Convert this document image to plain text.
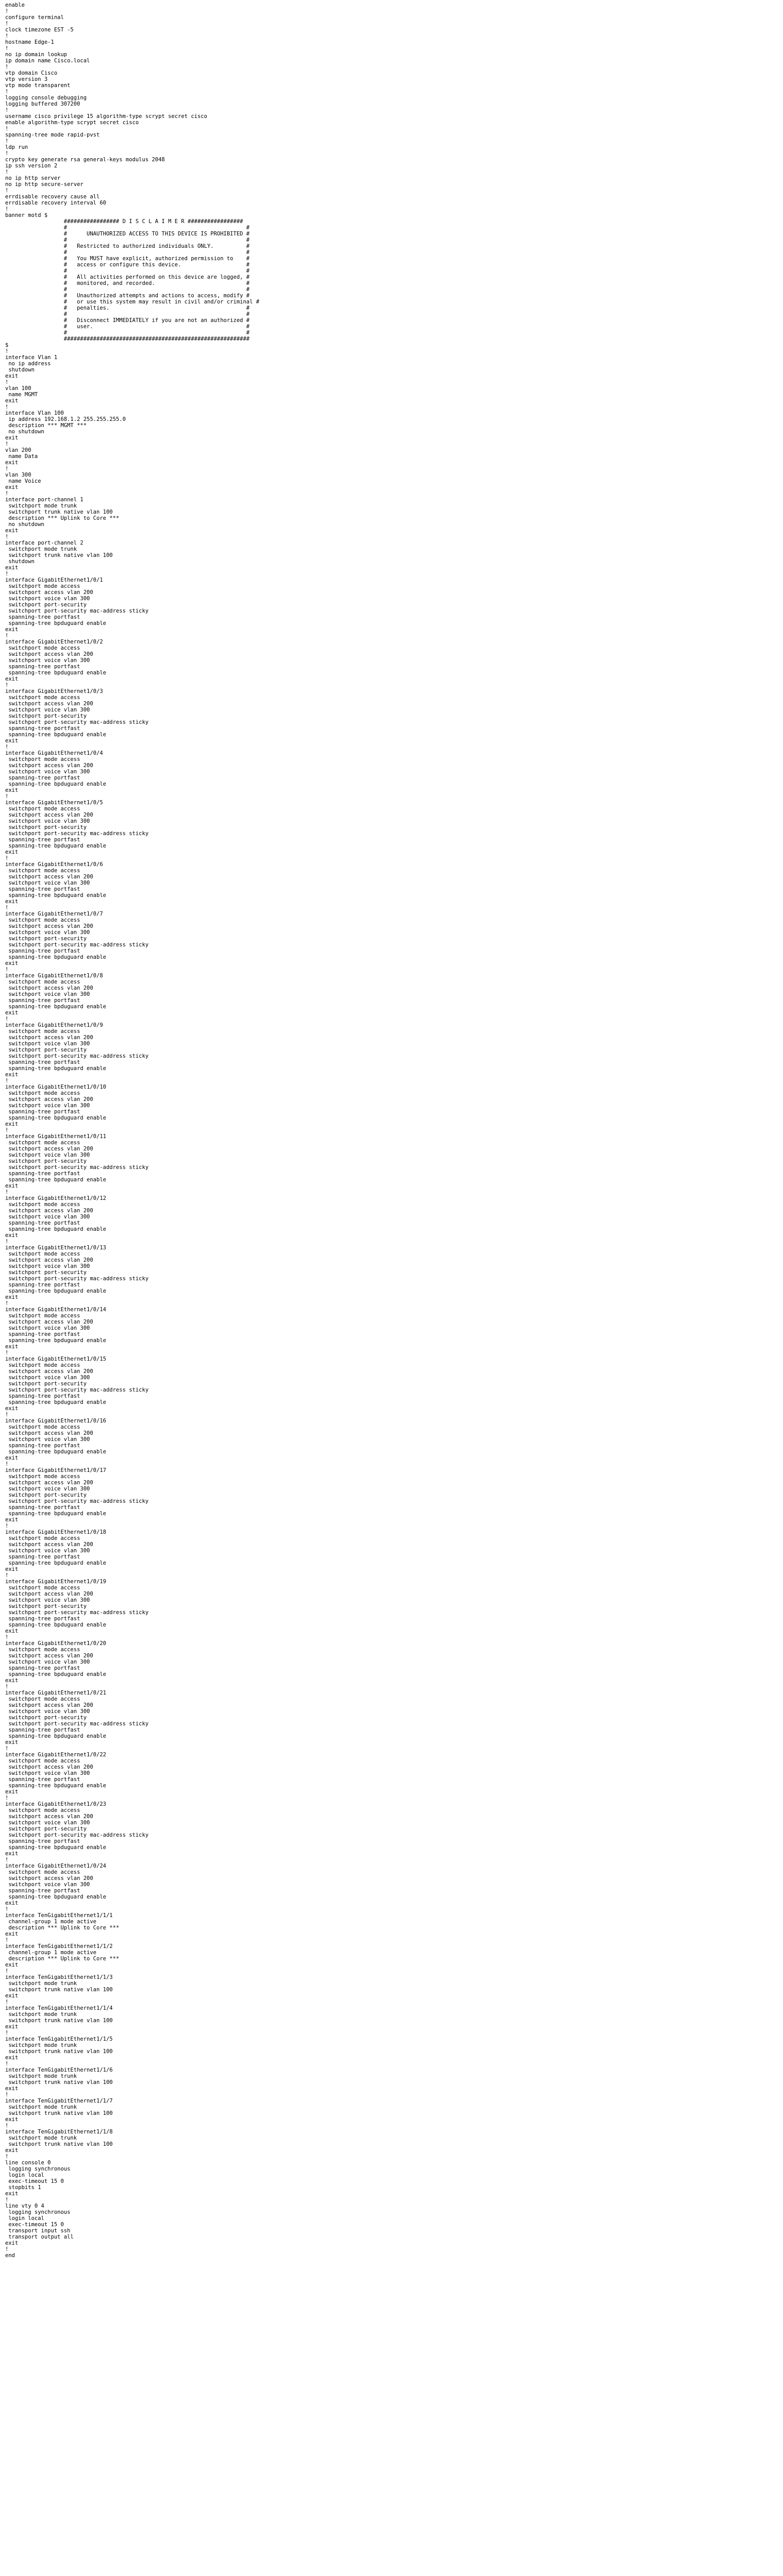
enable
!
configure terminal
!
clock timezone EST -5
!
hostname Edge-1
!
no ip domain lookup
ip domain name Cisco.local
!
vtp domain Cisco
vtp version 3
vtp mode transparent
!
logging console debugging
logging buffered 307200
!
username cisco privilege 15 algorithm-type scrypt secret cisco
enable algorithm-type scrypt secret cisco
!
spanning-tree mode rapid-pvst
!
ldp run
!
crypto key generate rsa general-keys modulus 2048
ip ssh version 2
!
no ip http server
no ip http secure-server
!
errdisable recovery cause all
errdisable recovery interval 60
!
banner motd $
################# D I S C L A I M E R #################
#                                                       #
#      UNAUTHORIZED ACCESS TO THIS DEVICE IS PROHIBITED #
#                                                       #
#   Restricted to authorized individuals ONLY.          #
#                                                       #
#   You MUST have explicit, authorized permission to    #
#   access or configure this device.                    #
#                                                       #
#   All activities performed on this device are logged, #
#   monitored, and recorded.                            #
#                                                       #
#   Unauthorized attempts and actions to access, modify #
#   or use this system may result in civil and/or criminal #
#   penalties.                                          #
#                                                       #
#   Disconnect IMMEDIATELY if you are not an authorized #
#   user.                                               #
#                                                       #
#########################################################
$
!
interface Vlan 1
no ip address
shutdown
exit
!
vlan 100
name MGMT
exit
!
interface Vlan 100
ip address 192.168.1.2 255.255.255.0
description *** MGMT ***
no shutdown
exit
!
vlan 200
name Data
exit
!
vlan 300
name Voice
exit
!
interface port-channel 1
switchport mode trunk
switchport trunk native vlan 100
description *** Uplink to Core ***
no shutdown
exit
!
interface port-channel 2
switchport mode trunk
switchport trunk native vlan 100
shutdown
exit
!
interface GigabitEthernet1/0/1
switchport mode access
switchport access vlan 200
switchport voice vlan 300
switchport port-security
switchport port-security mac-address sticky
spanning-tree portfast
spanning-tree bpduguard enable
exit
!
interface GigabitEthernet1/0/2
switchport mode access
switchport access vlan 200
switchport voice vlan 300
spanning-tree portfast
spanning-tree bpduguard enable
exit
!
interface GigabitEthernet1/0/3
switchport mode access
switchport access vlan 200
switchport voice vlan 300
switchport port-security
switchport port-security mac-address sticky
spanning-tree portfast
spanning-tree bpduguard enable
exit
!
interface GigabitEthernet1/0/4
switchport mode access
switchport access vlan 200
switchport voice vlan 300
spanning-tree portfast
spanning-tree bpduguard enable
exit
!
interface GigabitEthernet1/0/5
switchport mode access
switchport access vlan 200
switchport voice vlan 300
switchport port-security
switchport port-security mac-address sticky
spanning-tree portfast
spanning-tree bpduguard enable
exit
!
interface GigabitEthernet1/0/6
switchport mode access
switchport access vlan 200
switchport voice vlan 300
spanning-tree portfast
spanning-tree bpduguard enable
exit
!
interface GigabitEthernet1/0/7
switchport mode access
switchport access vlan 200
switchport voice vlan 300
switchport port-security
switchport port-security mac-address sticky
spanning-tree portfast
spanning-tree bpduguard enable
exit
!
interface GigabitEthernet1/0/8
switchport mode access
switchport access vlan 200
switchport voice vlan 300
spanning-tree portfast
spanning-tree bpduguard enable
exit
!
interface GigabitEthernet1/0/9
switchport mode access
switchport access vlan 200
switchport voice vlan 300
switchport port-security
switchport port-security mac-address sticky
spanning-tree portfast
spanning-tree bpduguard enable
exit
!
interface GigabitEthernet1/0/10
switchport mode access
switchport access vlan 200
switchport voice vlan 300
spanning-tree portfast
spanning-tree bpduguard enable
exit
!
interface GigabitEthernet1/0/11
switchport mode access
switchport access vlan 200
switchport voice vlan 300
switchport port-security
switchport port-security mac-address sticky
spanning-tree portfast
spanning-tree bpduguard enable
exit
!
interface GigabitEthernet1/0/12
switchport mode access
switchport access vlan 200
switchport voice vlan 300
spanning-tree portfast
spanning-tree bpduguard enable
exit
!
interface GigabitEthernet1/0/13
switchport mode access
switchport access vlan 200
switchport voice vlan 300
switchport port-security
switchport port-security mac-address sticky
spanning-tree portfast
spanning-tree bpduguard enable
exit
!
interface GigabitEthernet1/0/14
switchport mode access
switchport access vlan 200
switchport voice vlan 300
spanning-tree portfast
spanning-tree bpduguard enable
exit
!
interface GigabitEthernet1/0/15
switchport mode access
switchport access vlan 200
switchport voice vlan 300
switchport port-security
switchport port-security mac-address sticky
spanning-tree portfast
spanning-tree bpduguard enable
exit
!
interface GigabitEthernet1/0/16
switchport mode access
switchport access vlan 200
switchport voice vlan 300
spanning-tree portfast
spanning-tree bpduguard enable
exit
!
interface GigabitEthernet1/0/17
switchport mode access
switchport access vlan 200
switchport voice vlan 300
switchport port-security
switchport port-security mac-address sticky
spanning-tree portfast
spanning-tree bpduguard enable
exit
!
interface GigabitEthernet1/0/18
switchport mode access
switchport access vlan 200
switchport voice vlan 300
spanning-tree portfast
spanning-tree bpduguard enable
exit
!
interface GigabitEthernet1/0/19
switchport mode access
switchport access vlan 200
switchport voice vlan 300
switchport port-security
switchport port-security mac-address sticky
spanning-tree portfast
spanning-tree bpduguard enable
exit
!
interface GigabitEthernet1/0/20
switchport mode access
switchport access vlan 200
switchport voice vlan 300
spanning-tree portfast
spanning-tree bpduguard enable
exit
!
interface GigabitEthernet1/0/21
switchport mode access
switchport access vlan 200
switchport voice vlan 300
switchport port-security
switchport port-security mac-address sticky
spanning-tree portfast
spanning-tree bpduguard enable
exit
!
interface GigabitEthernet1/0/22
switchport mode access
switchport access vlan 200
switchport voice vlan 300
spanning-tree portfast
spanning-tree bpduguard enable
exit
!
interface GigabitEthernet1/0/23
switchport mode access
switchport access vlan 200
switchport voice vlan 300
switchport port-security
switchport port-security mac-address sticky
spanning-tree portfast
spanning-tree bpduguard enable
exit
!
interface GigabitEthernet1/0/24
switchport mode access
switchport access vlan 200
switchport voice vlan 300
spanning-tree portfast
spanning-tree bpduguard enable
exit
!
interface TenGigabitEthernet1/1/1
channel-group 1 mode active
description *** Uplink to Core ***
exit
!
interface TenGigabitEthernet1/1/2
channel-group 1 mode active
description *** Uplink to Core ***
exit
!
interface TenGigabitEthernet1/1/3
switchport mode trunk
switchport trunk native vlan 100
exit
!
interface TenGigabitEthernet1/1/4
switchport mode trunk
switchport trunk native vlan 100
exit
!
interface TenGigabitEthernet1/1/5
switchport mode trunk
switchport trunk native vlan 100
exit
!
interface TenGigabitEthernet1/1/6
switchport mode trunk
switchport trunk native vlan 100
exit
!
interface TenGigabitEthernet1/1/7
switchport mode trunk
switchport trunk native vlan 100
exit
!
interface TenGigabitEthernet1/1/8
switchport mode trunk
switchport trunk native vlan 100
exit
!
line console 0
logging synchronous
login local
exec-timeout 15 0
stopbits 1
exit
!
line vty 0 4
logging synchronous
login local
exec-timeout 15 0
transport input ssh
transport output all
exit
!
end
